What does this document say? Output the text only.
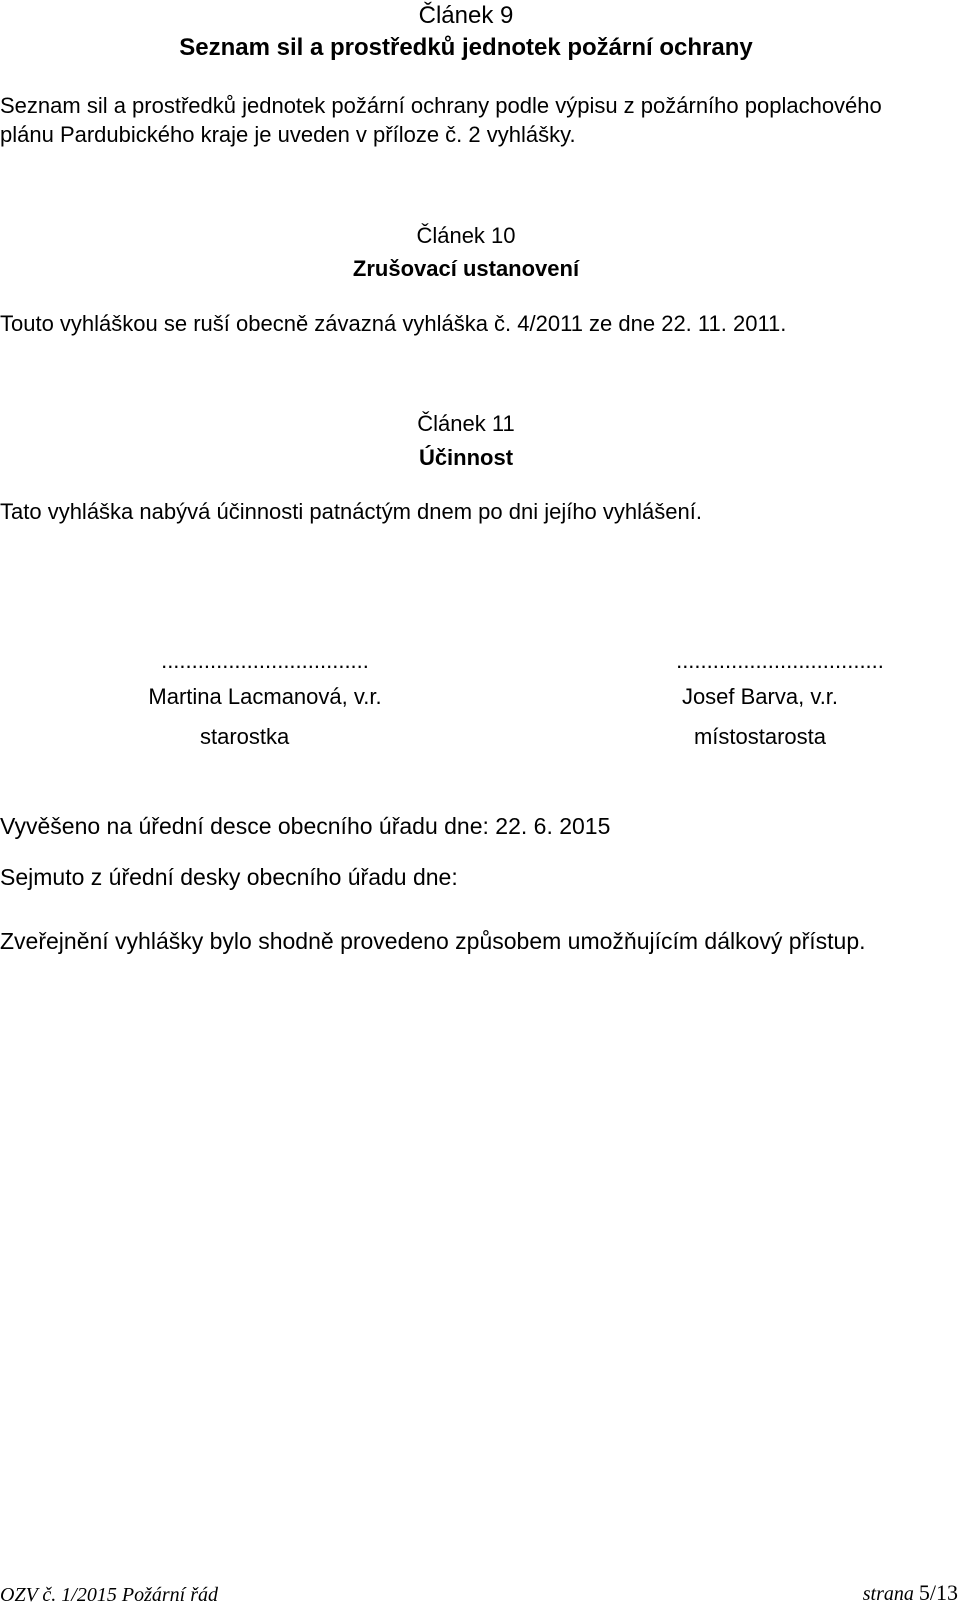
Článek 9
Seznam sil a prostředků jednotek požární ochrany
Seznam sil a prostředků jednotek požární ochrany podle výpisu z požárního poplachového
plánu Pardubického kraje je uveden v příloze č. 2 vyhlášky.
Článek 10
Zrušovací ustanovení
Touto vyhláškou se ruší obecně závazná vyhláška č. 4/2011 ze dne 22. 11. 2011.
Článek 11
Účinnost
Tato vyhláška nabývá účinnosti patnáctým dnem po dni jejího vyhlášení.
..................................
Martina Lacmanová, v.r.
starostka
..................................
Josef Barva, v.r.
místostarosta
Vyvěšeno na úřední desce obecního úřadu dne: 22. 6. 2015
Sejmuto z úřední desky obecního úřadu dne:
Zveřejnění vyhlášky bylo shodně provedeno způsobem umožňujícím dálkový přístup.
OZV č. 1/2015 Požární řád	strana 5/13
